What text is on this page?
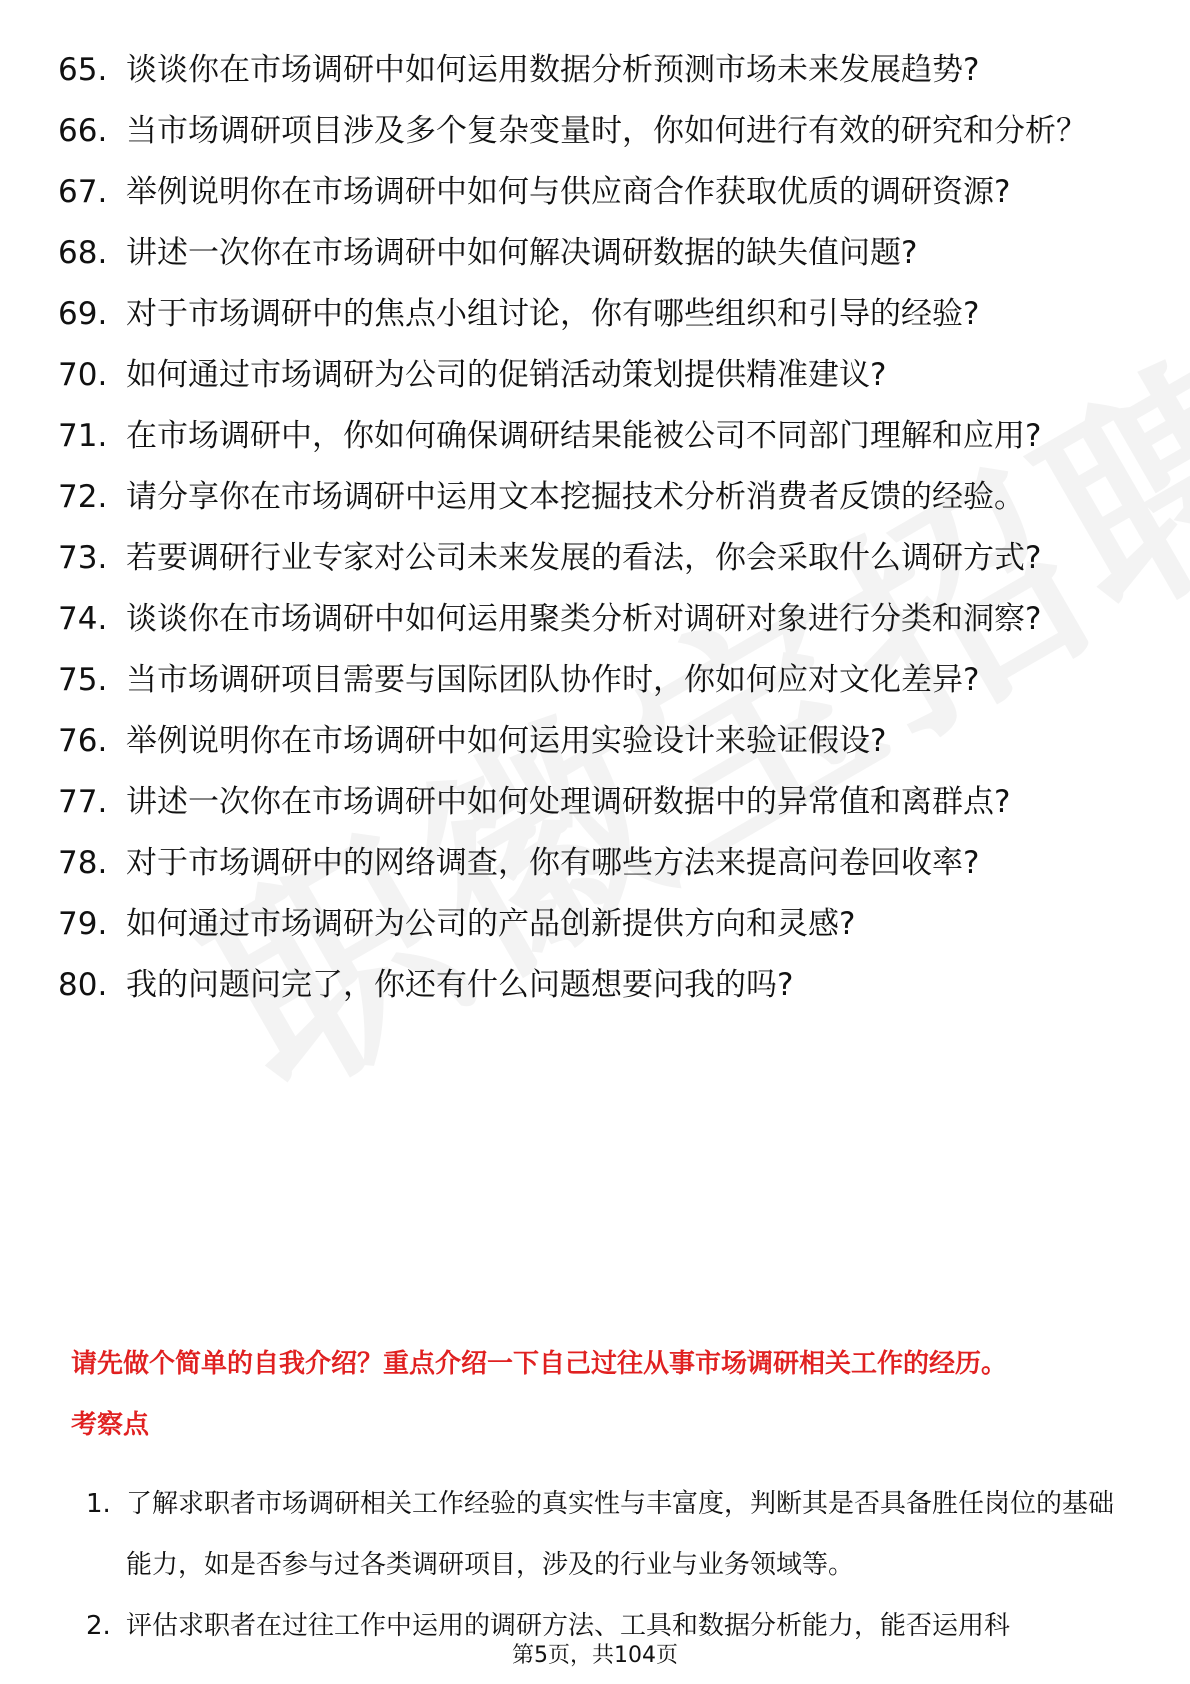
65. 谈谈你在市场调研中如何运用数据分析预测市场未来发展趋势?
66. 当市场调研项目涉及多个复杂变量时，你如何进行有效的研究和分析？
67. 举例说明你在市场调研中如何与供应商合作获取优质的调研资源?
68. 讲述一次你在市场调研中如何解决调研数据的缺失值问题?
69. 对于市场调研中的焦点小组讨论，你有哪些组织和引导的经验?
70. 如何通过市场调研为公司的促销活动策划提供精准建议?
71. 在市场调研中，你如何确保调研结果能被公司不同部门理解和应用?
72. 请分享你在市场调研中运用文本挖掘技术分析消费者反馈的经验。
73. 若要调研行业专家对公司未来发展的看法，你会采取什么调研方式?
74. 谈谈你在市场调研中如何运用聚类分析对调研对象进行分类和洞察?
75. 当市场调研项目需要与国际团队协作时，你如何应对文化差异?
76. 举例说明你在市场调研中如何运用实验设计来验证假设?
77. 讲述一次你在市场调研中如何处理调研数据中的异常值和离群点?
78. 对于市场调研中的网络调查，你有哪些方法来提高问卷回收率?
79. 如何通过市场调研为公司的产品创新提供方向和灵感?
80. 我的问题问完了，你还有什么问题想要问我的吗?
请先做个简单的自我介绍？重点介绍一下自己过往从事市场调研相关工作的经历。
考察点
1. 了解求职者市场调研相关工作经验的真实性与丰富度，判断其是否具备胜任岗位的基础能力，如是否参与过各类调研项目，涉及的行业与业务领域等。
2. 评估求职者在过往工作中运用的调研方法、工具和数据分析能力，能否运用科
第5页，共104页
